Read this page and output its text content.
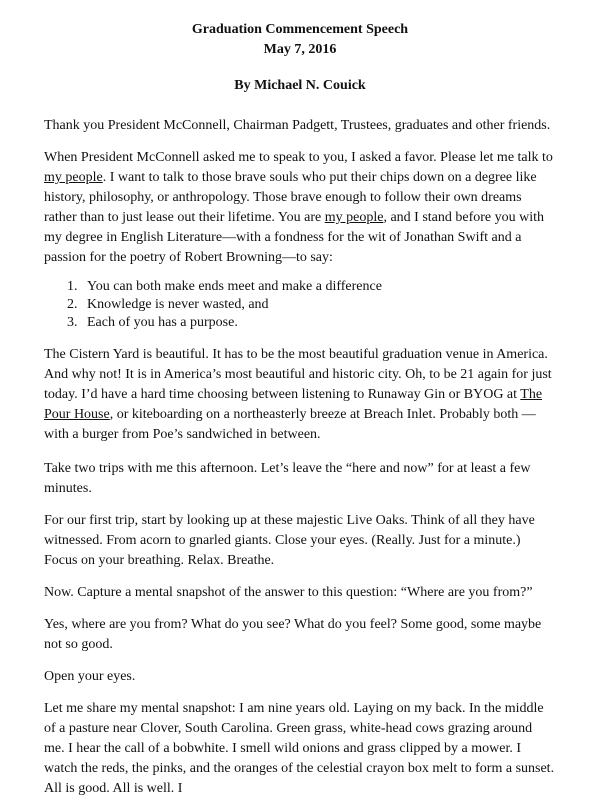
Graduation Commencement Speech
May 7, 2016
By Michael N. Couick

Thank you President McConnell, Chairman Padgett, Trustees, graduates and other friends.

When President McConnell asked me to speak to you, I asked a favor. Please let me talk to my people. I want to talk to those brave souls who put their chips down on a degree like history, philosophy, or anthropology. Those brave enough to follow their own dreams rather than to just lease out their lifetime. You are my people, and I stand before you with my degree in English Literature—with a fondness for the wit of Jonathan Swift and a passion for the poetry of Robert Browning—to say:

1. You can both make ends meet and make a difference
2. Knowledge is never wasted, and
3. Each of you has a purpose.

The Cistern Yard is beautiful. It has to be the most beautiful graduation venue in America. And why not! It is in America’s most beautiful and historic city. Oh, to be 21 again for just today. I’d have a hard time choosing between listening to Runaway Gin or BYOG at The Pour House, or kiteboarding on a northeasterly breeze at Breach Inlet. Probably both — with a burger from Poe’s sandwiched in between.

Take two trips with me this afternoon. Let’s leave the “here and now” for at least a few minutes.

For our first trip, start by looking up at these majestic Live Oaks. Think of all they have witnessed. From acorn to gnarled giants. Close your eyes. (Really. Just for a minute.) Focus on your breathing. Relax. Breathe.

Now. Capture a mental snapshot of the answer to this question: “Where are you from?”

Yes, where are you from? What do you see? What do you feel? Some good, some maybe not so good.

Open your eyes.

Let me share my mental snapshot: I am nine years old. Laying on my back. In the middle of a pasture near Clover, South Carolina. Green grass, white-head cows grazing around me. I hear the call of a bobwhite. I smell wild onions and grass clipped by a mower. I watch the reds, the pinks, and the oranges of the celestial crayon box melt to form a sunset. All is good. All is well. I
